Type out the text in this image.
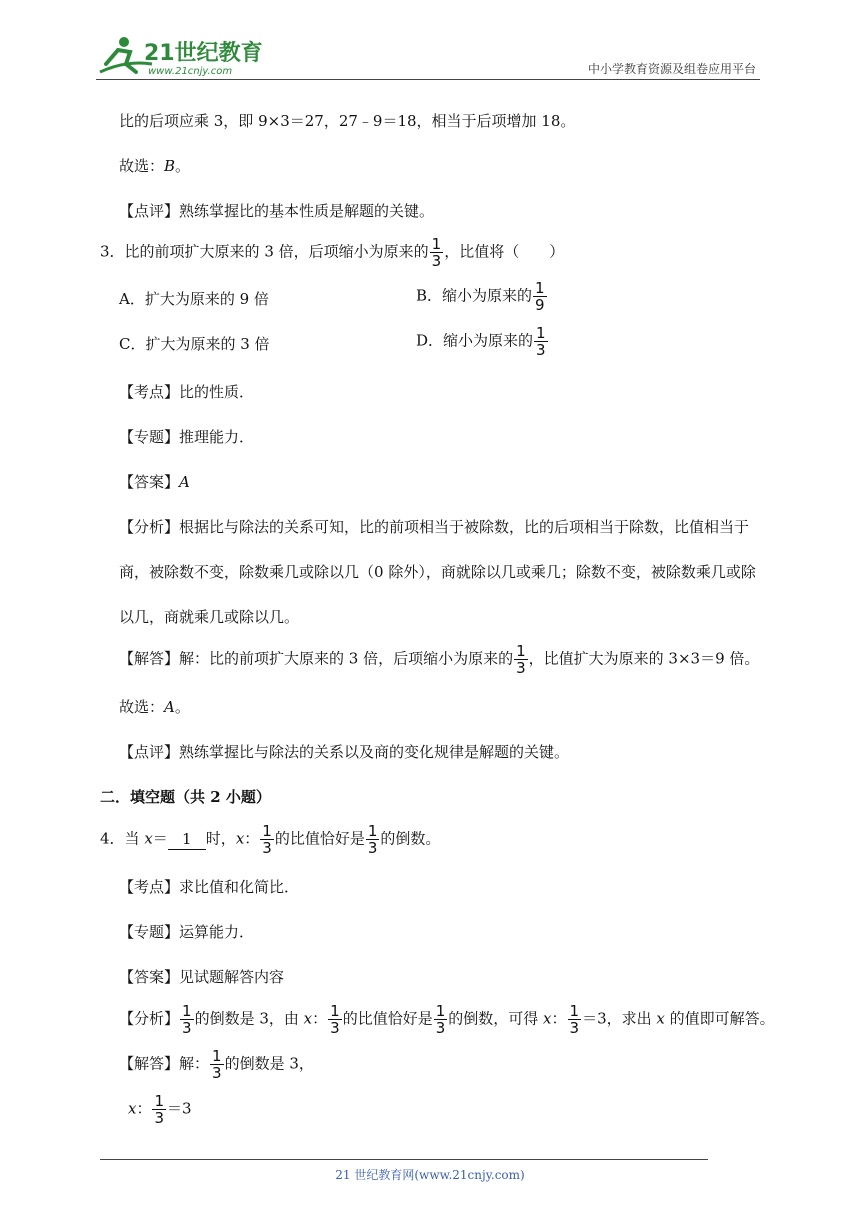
21世纪教育
www.21cnjy.com	中小学教育资源及组卷应用平台
比的后项应乘 3，即 9×3＝27，27﹣9＝18，相当于后项增加 18。
故选：B。
【点评】熟练掌握比的基本性质是解题的关键。
3．比的前项扩大原来的 3 倍，后项缩小为原来的 $\frac{1}{3}$ ，比值将（　　）
A．扩大为原来的 9 倍	B．缩小为原来的 $\frac{1}{9}$
C．扩大为原来的 3 倍	D．缩小为原来的 $\frac{1}{3}$
【考点】比的性质．
【专题】推理能力．
【答案】A
【分析】根据比与除法的关系可知，比的前项相当于被除数，比的后项相当于除数，比值相当于
商，被除数不变，除数乘几或除以几（0 除外），商就除以几或乘几；除数不变，被除数乘几或除
以几，商就乘几或除以几。
【解答】解：比的前项扩大原来的 3 倍，后项缩小为原来的 $\frac{1}{3}$ ，比值扩大为原来的 3×3＝9 倍。
故选：A。
【点评】熟练掌握比与除法的关系以及商的变化规律是解题的关键。
二．填空题（共 2 小题）
4．当 x＝ 1 时，x： $\frac{1}{3}$ 的比值恰好是 $\frac{1}{3}$ 的倒数。
【考点】求比值和化简比．
【专题】运算能力．
【答案】见试题解答内容
【分析】 $\frac{1}{3}$ 的倒数是 3，由 x： $\frac{1}{3}$ 的比值恰好是 $\frac{1}{3}$ 的倒数，可得 x： $\frac{1}{3} =3$，求出 x 的值即可解答。
【解答】解： $\frac{1}{3}$ 的倒数是 3，
x： $\frac{1}{3} =3$
21 世纪教育网(www.21cnjy.com)
